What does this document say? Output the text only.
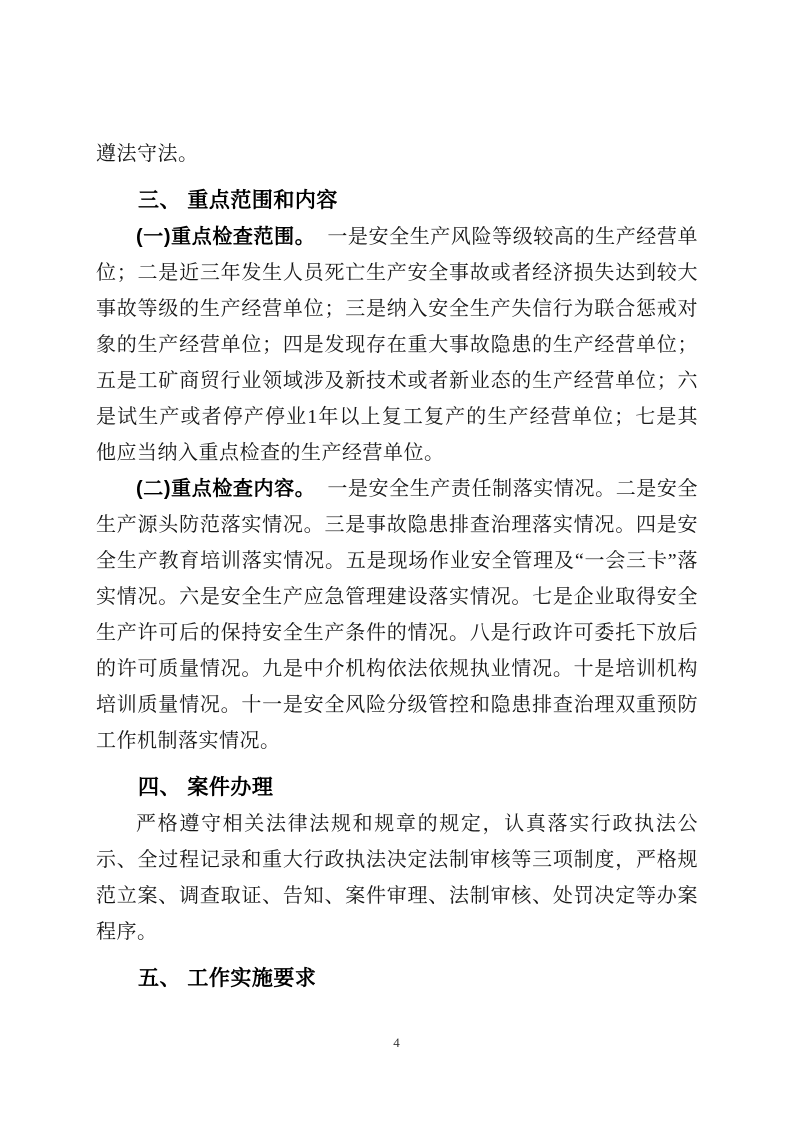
遵法守法。

三、 重点范围和内容

(一)重点检查范围。 一是安全生产风险等级较高的生产经营单位；二是近三年发生人员死亡生产安全事故或者经济损失达到较大事故等级的生产经营单位；三是纳入安全生产失信行为联合惩戒对象的生产经营单位；四是发现存在重大事故隐患的生产经营单位；五是工矿商贸行业领域涉及新技术或者新业态的生产经营单位；六是试生产或者停产停业1年以上复工复产的生产经营单位；七是其他应当纳入重点检查的生产经营单位。

(二)重点检查内容。 一是安全生产责任制落实情况。二是安全生产源头防范落实情况。三是事故隐患排查治理落实情况。四是安全生产教育培训落实情况。五是现场作业安全管理及“一会三卡”落实情况。六是安全生产应急管理建设落实情况。七是企业取得安全生产许可后的保持安全生产条件的情况。八是行政许可委托下放后的许可质量情况。九是中介机构依法依规执业情况。十是培训机构培训质量情况。十一是安全风险分级管控和隐患排查治理双重预防工作机制落实情况。

四、 案件办理

严格遵守相关法律法规和规章的规定，认真落实行政执法公示、全过程记录和重大行政执法决定法制审核等三项制度，严格规范立案、调查取证、告知、案件审理、法制审核、处罚决定等办案程序。

五、 工作实施要求
4
